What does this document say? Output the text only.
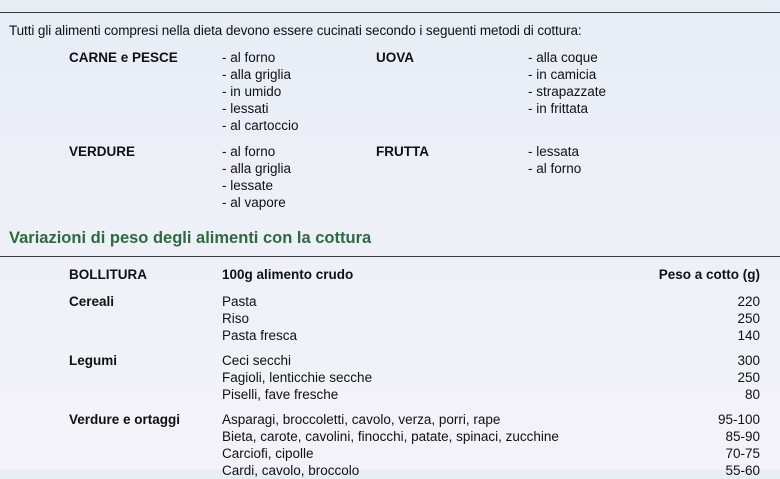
Tutti gli alimenti compresi nella dieta devono essere cucinati secondo i seguenti metodi di cottura:
CARNE e PESCE	- al forno
- alla griglia
- in umido
- lessati
- al cartoccio
UOVA	- alla coque
- in camicia
- strapazzate
- in frittata
VERDURE	- al forno
- alla griglia
- lessate
- al vapore
FRUTTA	- lessata
- al forno
Variazioni di peso degli alimenti con la cottura
BOLLITURA	100g alimento crudo	Peso a cotto (g)
Cereali	Pasta	220
Riso	250
Pasta fresca	140
Legumi	Ceci secchi	300
Fagioli, lenticchie secche	250
Piselli, fave fresche	80
Verdure e ortaggi	Asparagi, broccoletti, cavolo, verza, porri, rape	95-100
Bieta, carote, cavolini, finocchi, patate, spinaci, zucchine	85-90
Carciofi, cipolle	70-75
Cardi, cavolo, broccolo	55-60
